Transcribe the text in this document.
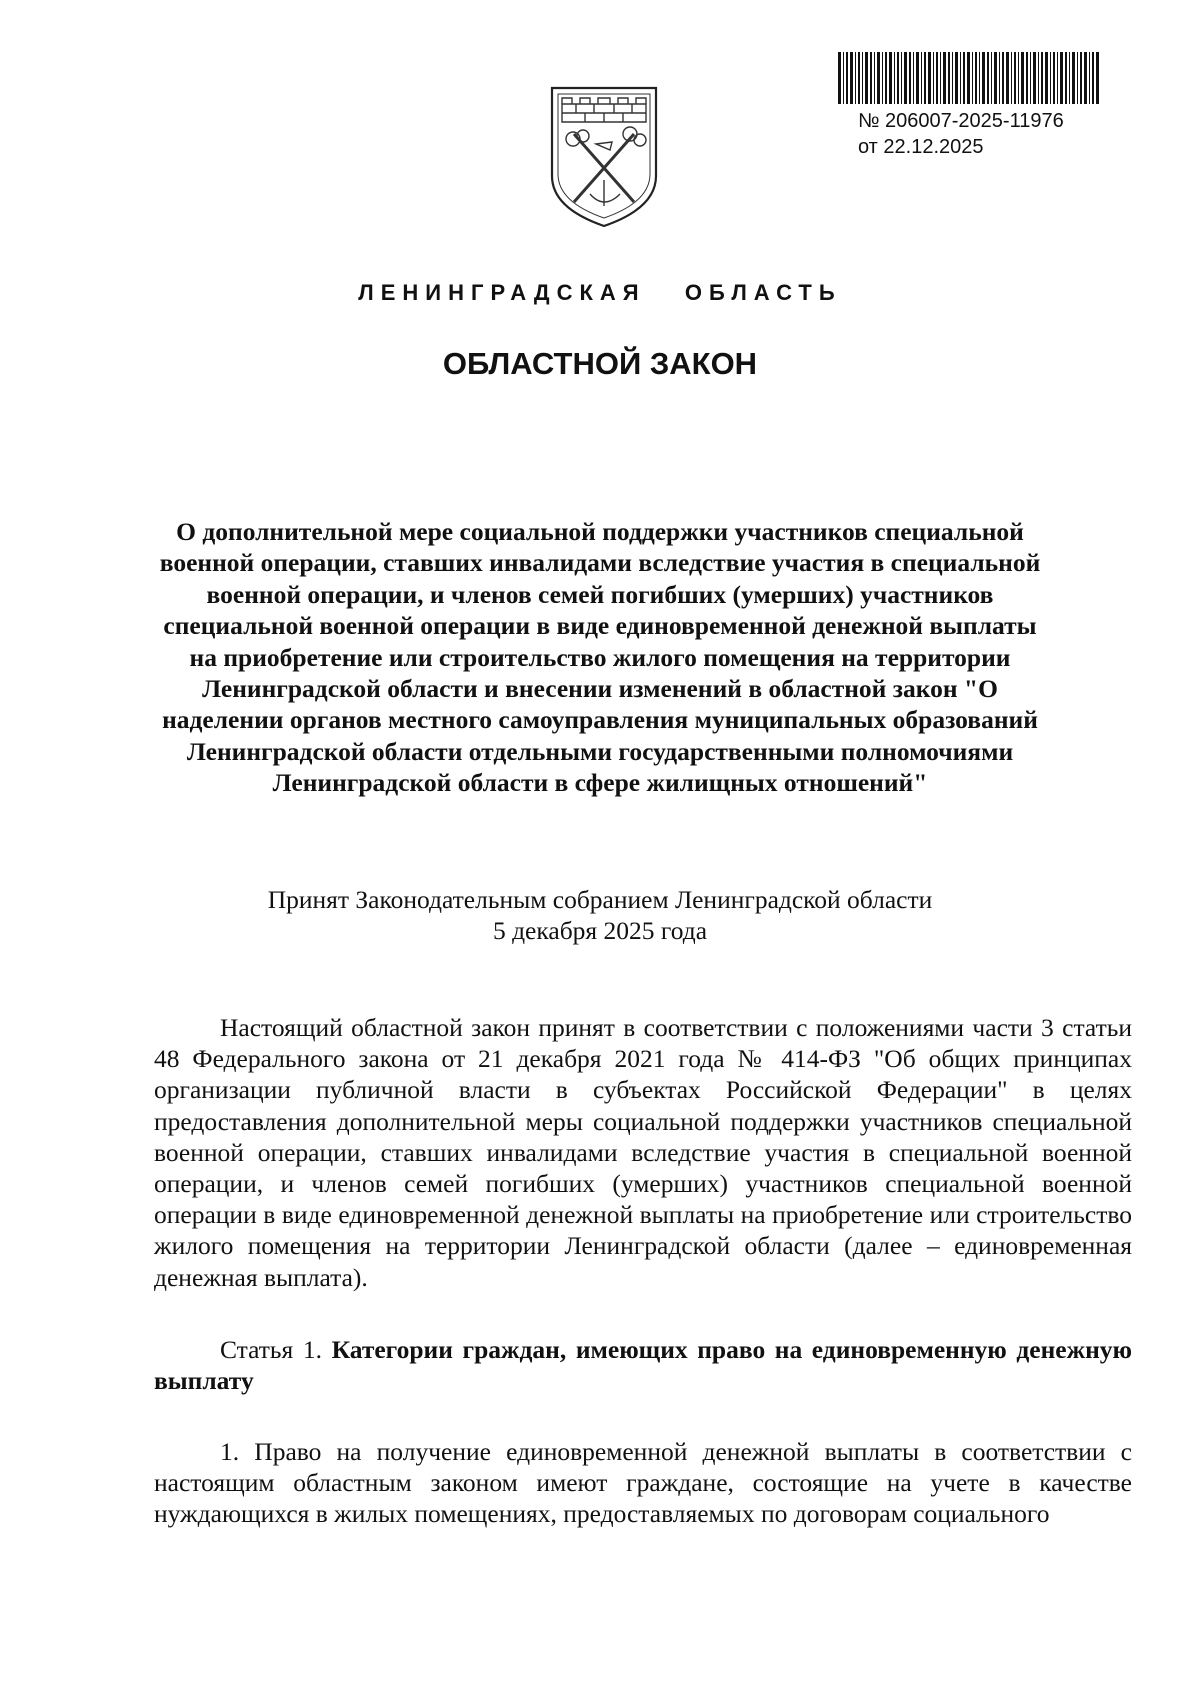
№ 206007-2025-11976
от 22.12.2025
ЛЕНИНГРАДСКАЯ   ОБЛАСТЬ
ОБЛАСТНОЙ ЗАКОН
О дополнительной мере социальной поддержки участников специальной военной операции, ставших инвалидами вследствие участия в специальной военной операции, и членов семей погибших (умерших) участников специальной военной операции в виде единовременной денежной выплаты на приобретение или строительство жилого помещения на территории Ленинградской области и внесении изменений в областной закон "О наделении органов местного самоуправления муниципальных образований Ленинградской области отдельными государственными полномочиями Ленинградской области в сфере жилищных отношений"
Принят Законодательным собранием Ленинградской области
5 декабря 2025 года
Настоящий областной закон принят в соответствии с положениями части 3 статьи 48 Федерального закона от 21 декабря 2021 года № 414-ФЗ "Об общих принципах организации публичной власти в субъектах Российской Федерации" в целях предоставления дополнительной меры социальной поддержки участников специальной военной операции, ставших инвалидами вследствие участия в специальной военной операции, и членов семей погибших (умерших) участников специальной военной операции в виде единовременной денежной выплаты на приобретение или строительство жилого помещения на территории Ленинградской области (далее – единовременная денежная выплата).
Статья 1. Категории граждан, имеющих право на единовременную денежную выплату
1. Право на получение единовременной денежной выплаты в соответствии с настоящим областным законом имеют граждане, состоящие на учете в качестве нуждающихся в жилых помещениях, предоставляемых по договорам социального
